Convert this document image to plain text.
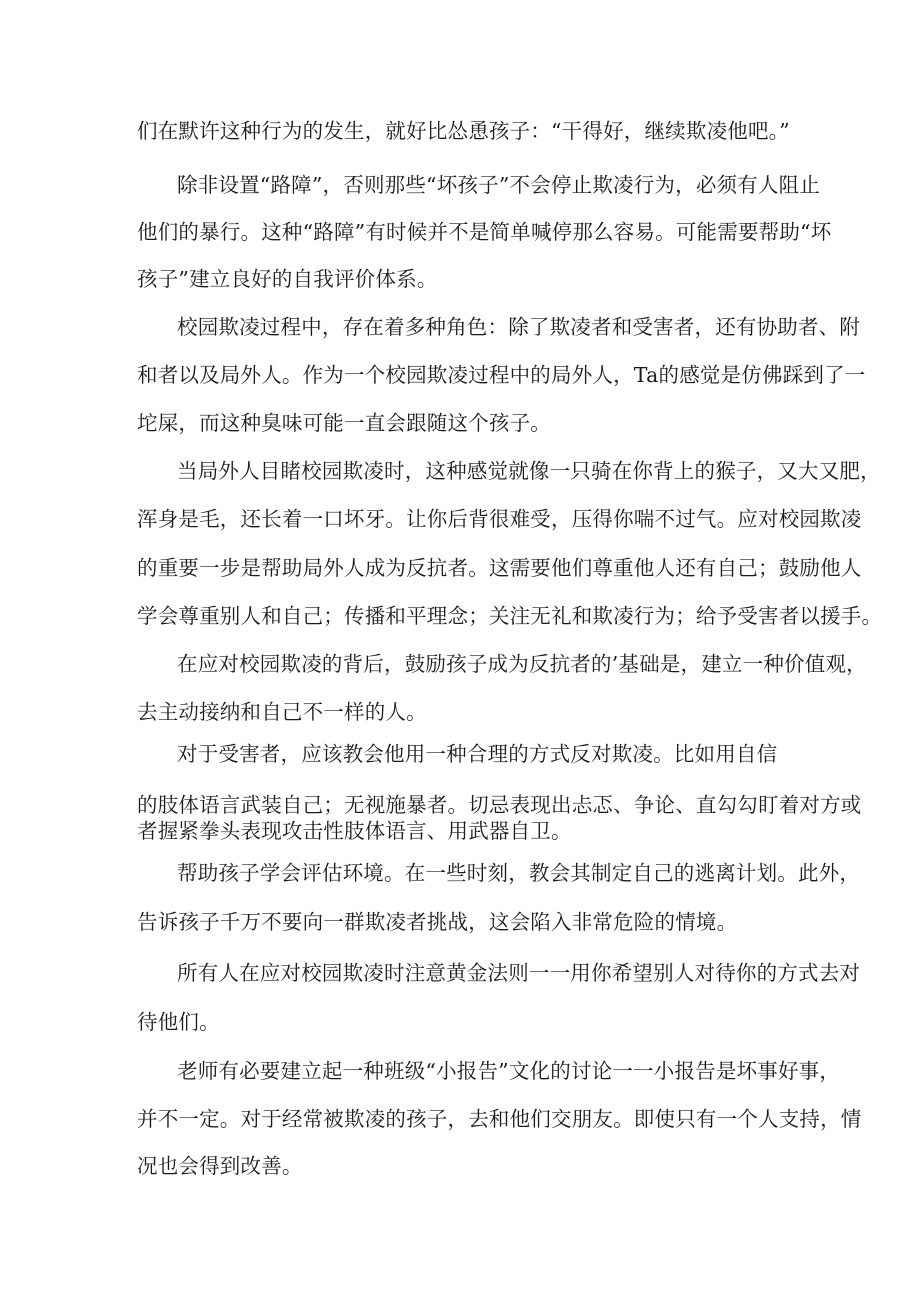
们在默许这种行为的发生，就好比怂恿孩子：“干得好，继续欺凌他吧。”
除非设置“路障”，否则那些“坏孩子”不会停止欺凌行为，必须有人阻止
他们的暴行。这种“路障”有时候并不是简单喊停那么容易。可能需要帮助“坏
孩子”建立良好的自我评价体系。
校园欺凌过程中，存在着多种角色：除了欺凌者和受害者，还有协助者、附
和者以及局外人。作为一个校园欺凌过程中的局外人，Ta的感觉是仿佛踩到了一
坨屎，而这种臭味可能一直会跟随这个孩子。
当局外人目睹校园欺凌时，这种感觉就像一只骑在你背上的猴子，又大又肥，
浑身是毛，还长着一口坏牙。让你后背很难受，压得你喘不过气。应对校园欺凌
的重要一步是帮助局外人成为反抗者。这需要他们尊重他人还有自己；鼓励他人
学会尊重别人和自己；传播和平理念；关注无礼和欺凌行为；给予受害者以援手。
在应对校园欺凌的背后，鼓励孩子成为反抗者的’基础是，建立一种价值观，
去主动接纳和自己不一样的人。
对于受害者，应该教会他用一种合理的方式反对欺凌。比如用自信
的肢体语言武装自己；无视施暴者。切忌表现出忐忑、争论、直勾勾盯着对方或
者握紧拳头表现攻击性肢体语言、用武器自卫。
帮助孩子学会评估环境。在一些时刻，教会其制定自己的逃离计划。此外，
告诉孩子千万不要向一群欺凌者挑战，这会陷入非常危险的情境。
所有人在应对校园欺凌时注意黄金法则一一用你希望别人对待你的方式去对
待他们。
老师有必要建立起一种班级“小报告”文化的讨论一一小报告是坏事好事，
并不一定。对于经常被欺凌的孩子，去和他们交朋友。即使只有一个人支持，情
况也会得到改善。
